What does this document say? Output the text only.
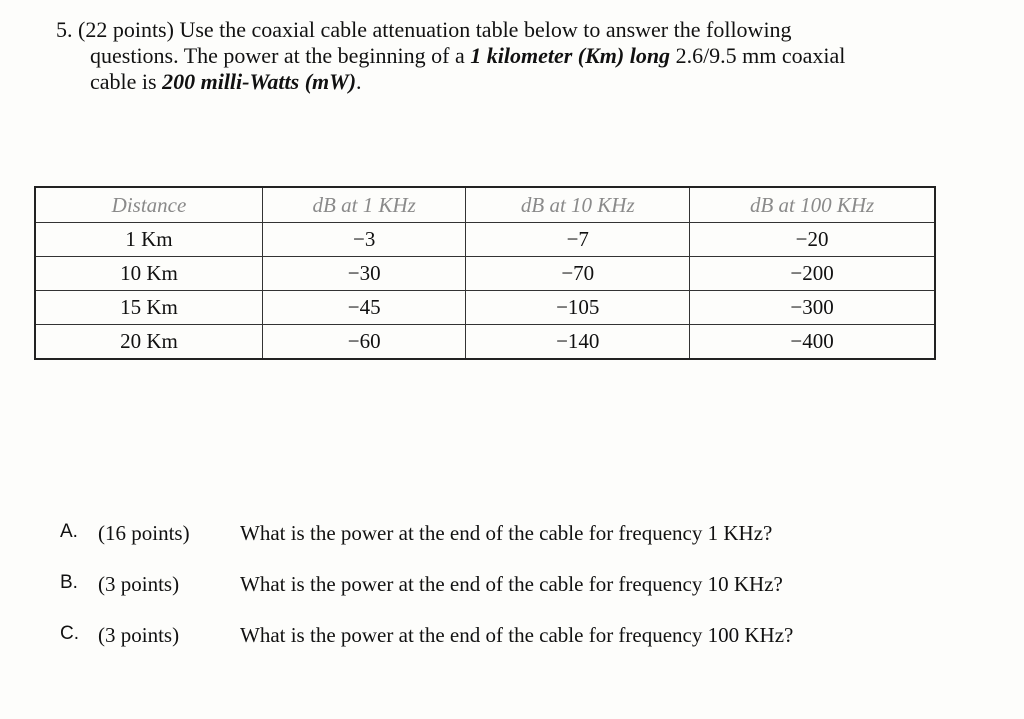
5. (22 points) Use the coaxial cable attenuation table below to answer the following
questions. The power at the beginning of a 1 kilometer (Km) long 2.6/9.5 mm coaxial
cable is 200 milli-Watts (mW).
Distance	dB at 1 KHz	dB at 10 KHz	dB at 100 KHz
1 Km	−3	−7	−20
10 Km	−30	−70	−200
15 Km	−45	−105	−300
20 Km	−60	−140	−400
A. (16 points) What is the power at the end of the cable for frequency 1 KHz?
B. (3 points)	What is the power at the end of the cable for frequency 10 KHz?
C. (3 points)	What is the power at the end of the cable for frequency 100 KHz?
